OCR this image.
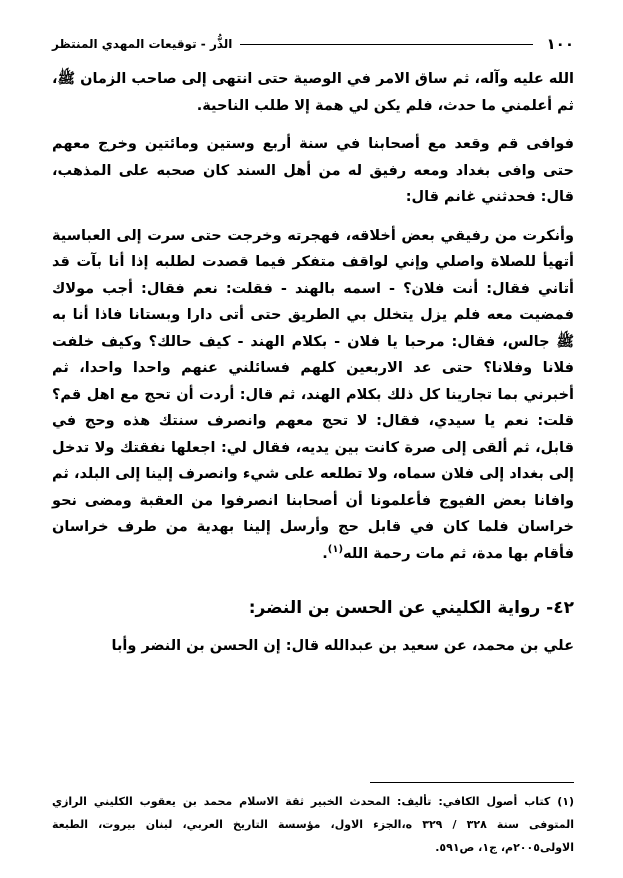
١٠٠
الذُّر - توقيعات المهدي المنتظر

الله عليه وآله، ثم ساق الامر في الوصية حتى انتهى إلى صاحب الزمان ﷺ، ثم أعلمني ما حدث، فلم يكن لي همة إلا طلب الناحية.

فوافى قم وقعد مع أصحابنا في سنة أربع وستين ومائتين وخرج معهم حتى وافى بغداد ومعه رفيق له من أهل السند كان صحبه على المذهب، قال: فحدثني غانم قال:

وأنكرت من رفيقي بعض أخلاقه، فهجرته وخرجت حتى سرت إلى العباسية أتهيأ للصلاة واصلي وإني لواقف متفكر فيما قصدت لطلبه إذا أنا بآت قد أتاني فقال: أنت فلان؟ - اسمه بالهند - فقلت: نعم فقال: أجب مولاك فمضيت معه فلم يزل يتخلل بي الطريق حتى أتى دارا وبستانا فاذا أنا به ﷺ جالس، فقال: مرحبا يا فلان - بكلام الهند - كيف حالك؟ وكيف خلفت فلانا وفلانا؟ حتى عد الاربعين كلهم فسائلني عنهم واحدا واحدا، ثم أخبرني بما تجارينا كل ذلك بكلام الهند، ثم قال: أردت أن تحج مع اهل قم؟ قلت: نعم يا سيدي، فقال: لا تحج معهم وانصرف سنتك هذه وحج في قابل، ثم ألقى إلى صرة كانت بين يديه، فقال لي: اجعلها نفقتك ولا تدخل إلى بغداد إلى فلان سماه، ولا تطلعه على شيء وانصرف إلينا إلى البلد، ثم وافانا بعض الفيوج فأعلمونا أن أصحابنا انصرفوا من العقبة ومضى نحو خراسان فلما كان في قابل حج وأرسل إلينا بهدية من طرف خراسان فأقام بها مدة، ثم مات رحمة الله$^{(١)}$.

٤٢- رواية الكليني عن الحسن بن النضر:

علي بن محمد، عن سعيد بن عبدالله قال: إن الحسن بن النضر وأبا

(١) كتاب أصول الكافي: تأليف: المحدث الخبير ثقة الاسلام محمد بن يعقوب الكليني الرازي المتوفى سنة ٣٢٨ / ٣٢٩ ه،الجزء الاول، مؤسسة التاريخ العربي، لبنان بيروت، الطبعة الاولى٢٠٠٥م، ج١، ص٥٩١.
